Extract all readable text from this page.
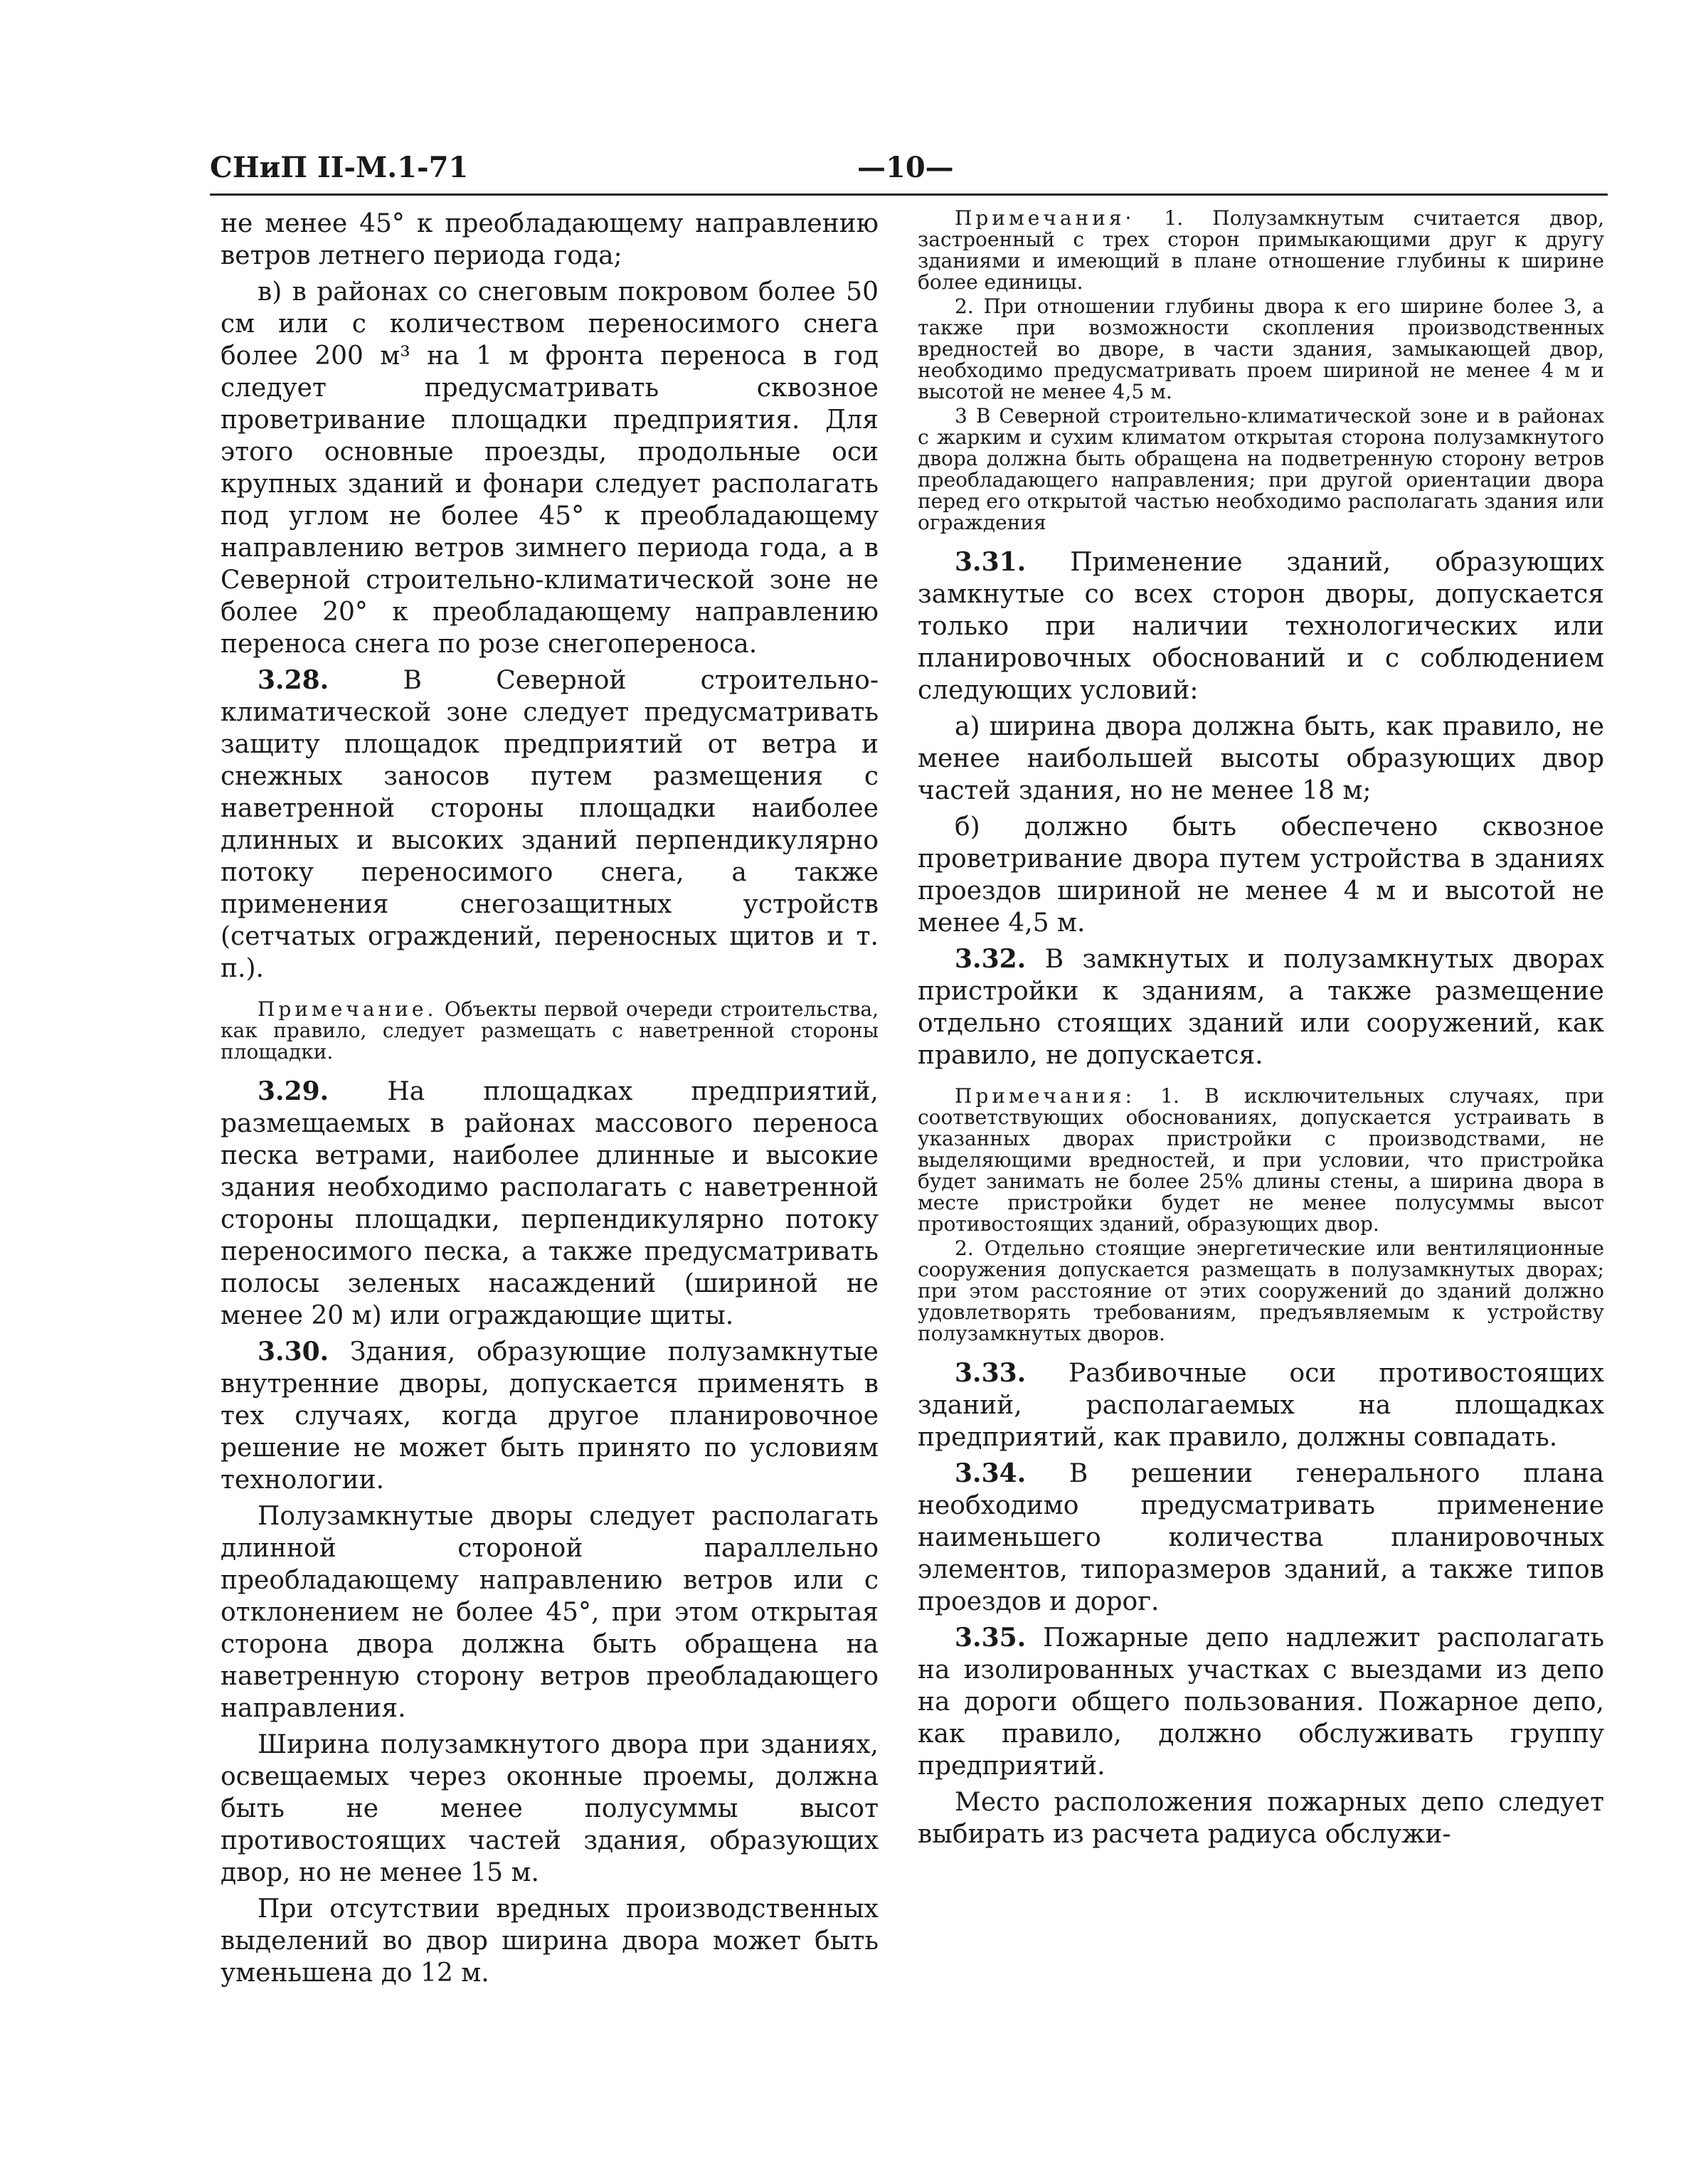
СНиП II-М.1-71	—10—

не менее 45° к преобладающему направлению ветров летнего периода года;

в) в районах со снеговым покровом более 50 см или с количеством переносимого снега более 200 м³ на 1 м фронта переноса в год следует предусматривать сквозное проветривание площадки предприятия. Для этого основные проезды, продольные оси крупных зданий и фонари следует располагать под углом не более 45° к преобладающему направлению ветров зимнего периода года, а в Северной строительно-климатической зоне не более 20° к преобладающему направлению переноса снега по розе снегопереноса.

3.28.	В Северной строительно-климатической зоне следует предусматривать защиту площадок предприятий от ветра и снежных заносов путем размещения с наветренной стороны площадки наиболее длинных и высоких зданий перпендикулярно потоку переносимого снега, а также применения снегозащитных устройств (сетчатых ограждений, переносных щитов и т. п.).

Примечание. Объекты первой очереди строительства, как правило, следует размещать с наветренной стороны площадки.

3.29. На площадках предприятий, размещаемых в районах массового переноса песка ветрами, наиболее длинные и высокие здания необходимо располагать с наветренной стороны площадки, перпендикулярно потоку переносимого песка, а также предусматривать полосы зеленых насаждений (шириной не менее 20 м) или ограждающие щиты.

3.30. Здания, образующие полузамкнутые внутренние дворы, допускается применять в тех случаях, когда другое планировочное решение не может быть принято по условиям технологии.

Полузамкнутые дворы следует располагать длинной стороной параллельно преобладающему направлению ветров или с отклонением не более 45°, при этом открытая сторона двора должна быть обращена на наветренную сторону ветров преобладающего направления.

Ширина полузамкнутого двора при зданиях, освещаемых через оконные проемы, должна быть не менее полусуммы высот противостоящих частей здания, образующих двор, но не менее 15 м.

При отсутствии вредных производственных выделений во двор ширина двора может быть уменьшена до 12 м.

Примечания· 1. Полузамкнутым считается двор, застроенный с трех сторон примыкающими друг к другу зданиями и имеющий в плане отношение глубины к ширине более единицы.

2. При отношении глубины двора к его ширине более 3, а также при возможности скопления производственных вредностей во дворе, в части здания, замыкающей двор, необходимо предусматривать проем шириной не менее 4 м и высотой не менее 4,5 м.

3 В Северной строительно-климатической зоне и в районах с жарким и сухим климатом открытая сторона полузамкнутого двора должна быть обращена на подветренную сторону ветров преобладающего направления; при другой ориентации двора перед его открытой частью необходимо располагать здания или ограждения

3.31. Применение зданий, образующих замкнутые со всех сторон дворы, допускается только при наличии технологических или планировочных обоснований и с соблюдением следующих условий:

а) ширина двора должна быть, как правило, не менее наибольшей высоты образующих двор частей здания, но не менее 18 м;

б) должно быть обеспечено сквозное проветривание двора путем устройства в зданиях проездов шириной не менее 4 м и высотой не менее 4,5 м.

3.32. В замкнутых и полузамкнутых дворах пристройки к зданиям, а также размещение отдельно стоящих зданий или сооружений, как правило, не допускается.

Примечания: 1. В исключительных случаях, при соответствующих обоснованиях, допускается устраивать в указанных дворах пристройки с производствами, не выделяющими вредностей, и при условии, что пристройка будет занимать не более 25% длины стены, а ширина двора в месте пристройки будет не менее полусуммы высот противостоящих зданий, образующих двор.

2. Отдельно стоящие энергетические или вентиляционные сооружения допускается размещать в полузамкнутых дворах; при этом расстояние от этих сооружений до зданий должно удовлетворять требованиям, предъявляемым к устройству полузамкнутых дворов.

3.33. Разбивочные оси противостоящих зданий, располагаемых на площадках предприятий, как правило, должны совпадать.

3.34. В решении генерального плана необходимо предусматривать применение наименьшего количества планировочных элементов, типоразмеров зданий, а также типов проездов и дорог.

3.35. Пожарные депо надлежит располагать на изолированных участках с выездами из депо на дороги общего пользования. Пожарное депо, как правило, должно обслуживать группу предприятий.

Место расположения пожарных депо следует выбирать из расчета радиуса обслужи-
